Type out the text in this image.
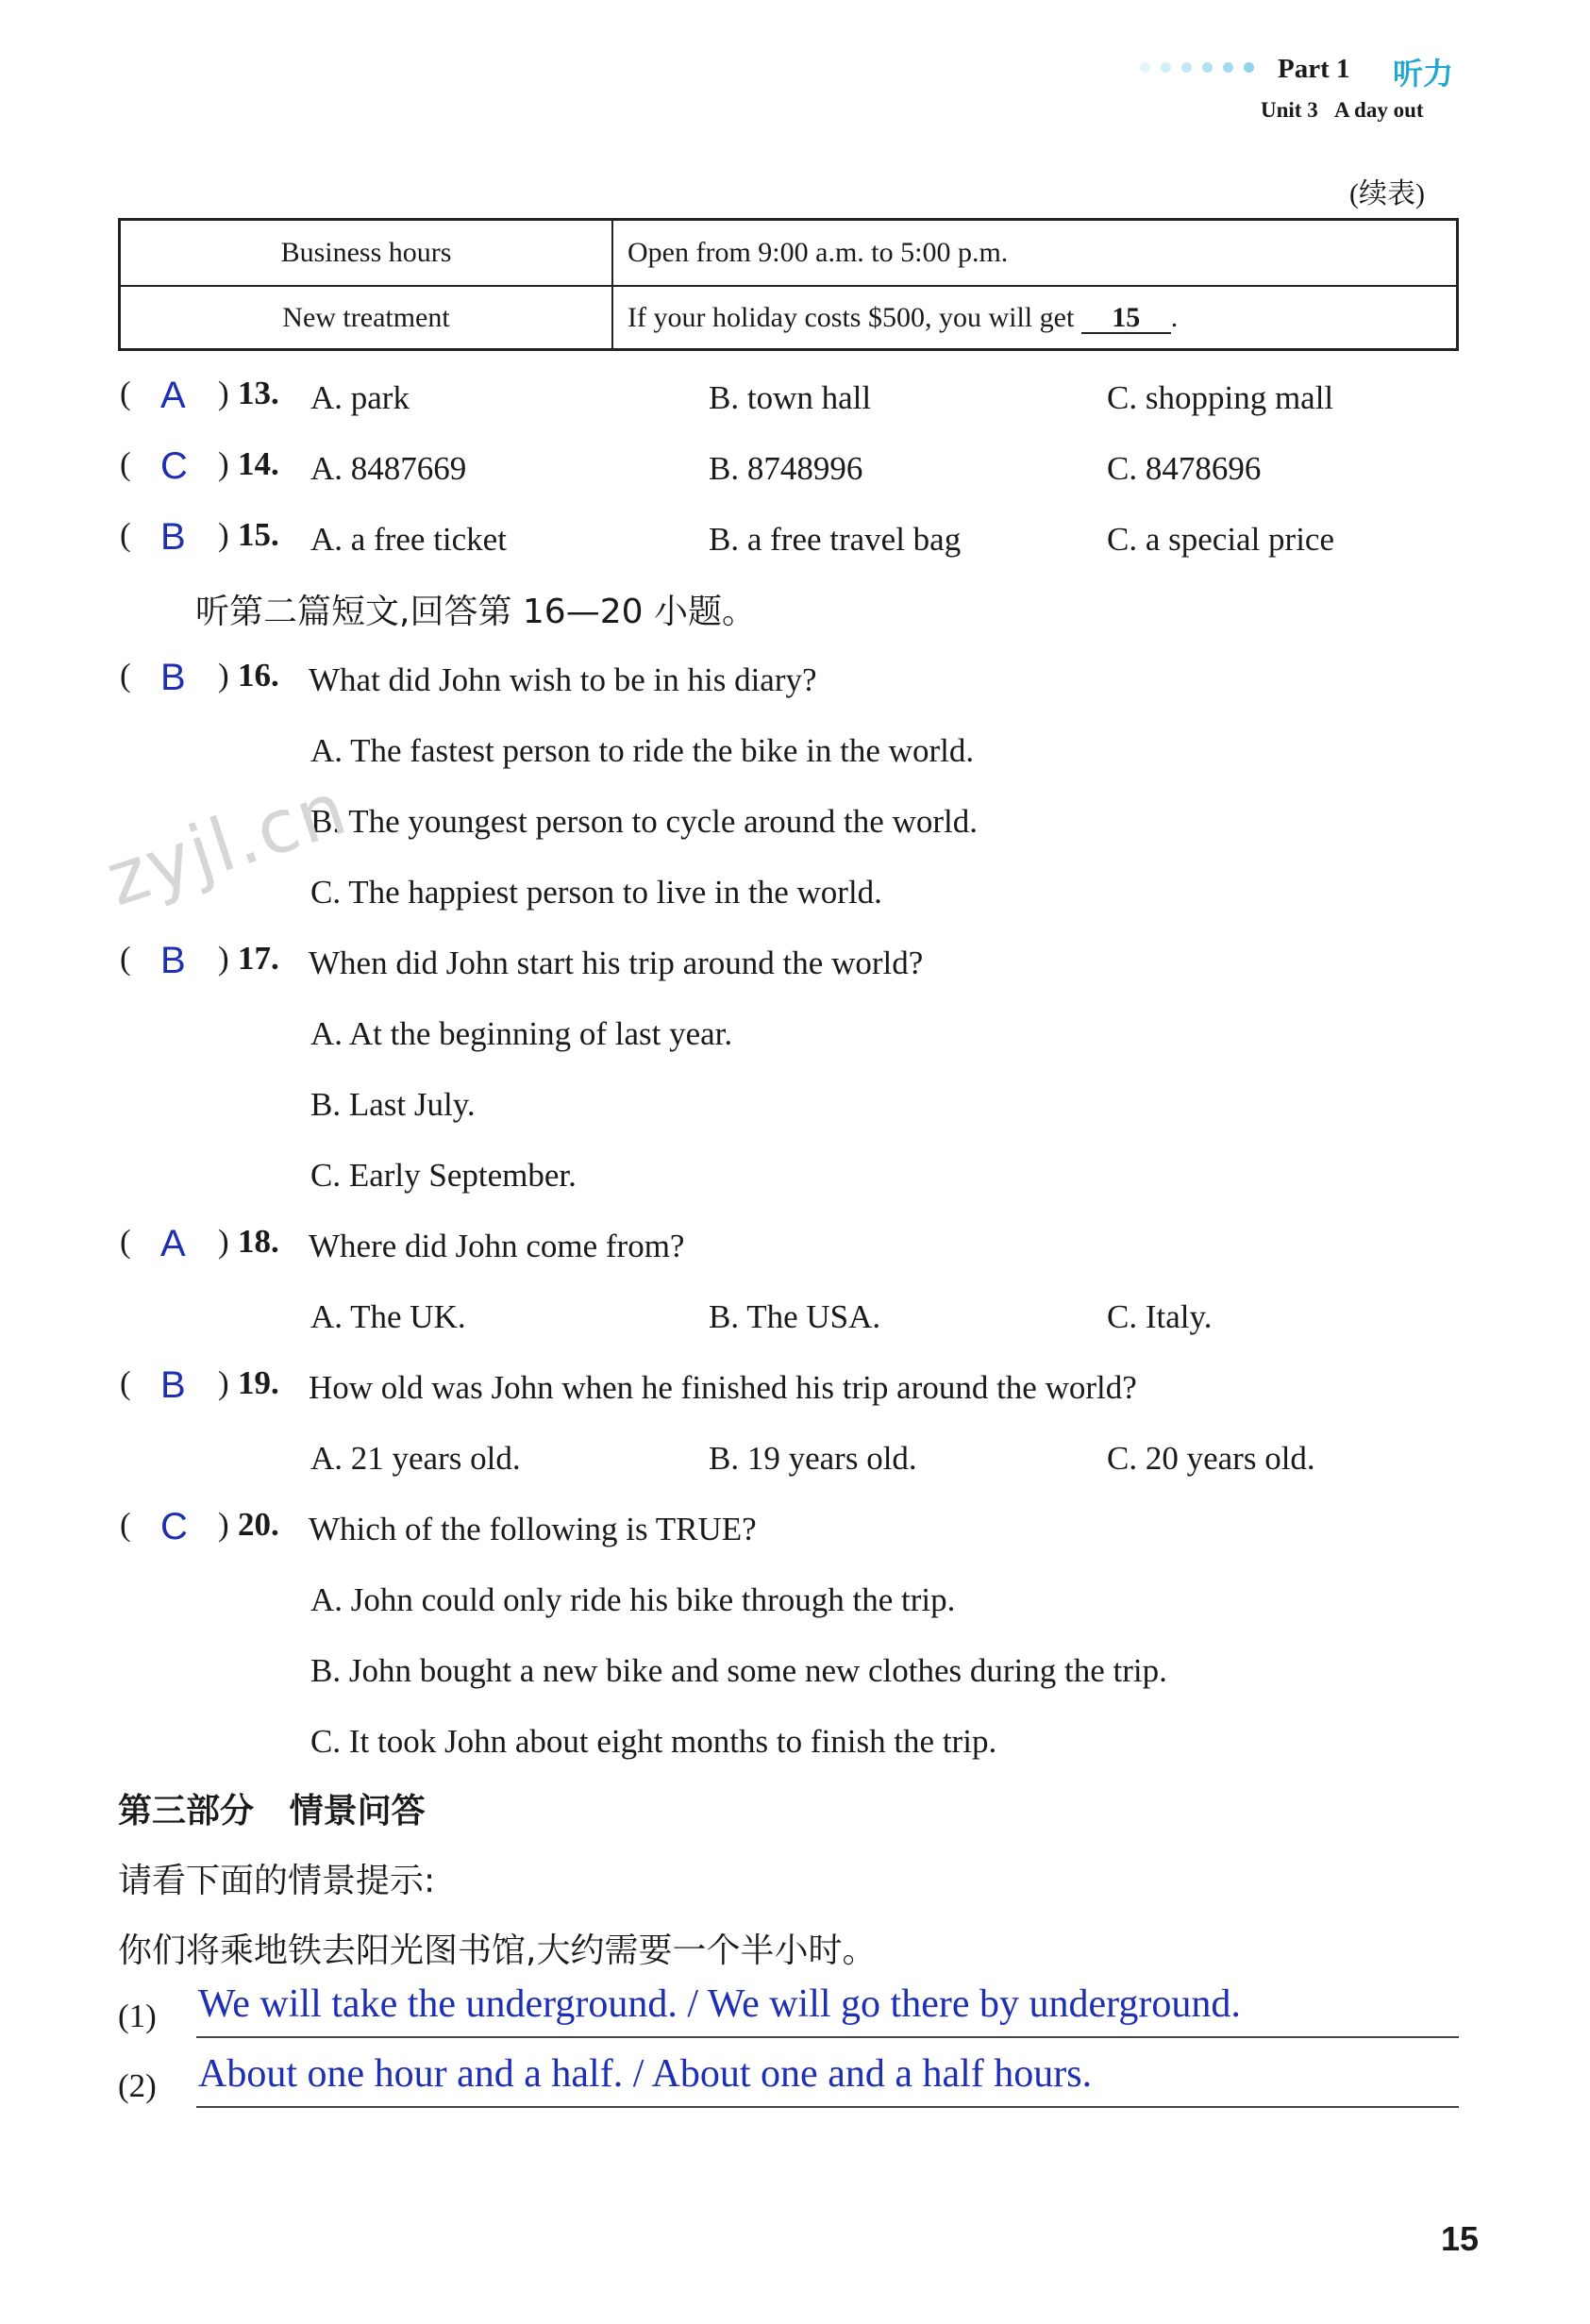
Part 1 听力
Unit 3 A day out
(续表)
Business hours	Open from 9:00 a.m. to 5:00 p.m.
New treatment	If your holiday costs $500, you will get 15 .
( A ) 13. A. park	B. town hall	C. shopping mall
( C ) 14. A. 8487669	B. 8748996	C. 8478696
( B ) 15. A. a free ticket	B. a free travel bag	C. a special price
听第二篇短文,回答第 16—20 小题。
( B ) 16. What did John wish to be in his diary?
A. The fastest person to ride the bike in the world.
B. The youngest person to cycle around the world.
C. The happiest person to live in the world.
zyjl.cn
( B ) 17. When did John start his trip around the world?
A. At the beginning of last year.
B. Last July.
C. Early September.
( A ) 18. Where did John come from?
A. The UK.	B. The USA.	C. Italy.
( B ) 19. How old was John when he finished his trip around the world?
A. 21 years old.	B. 19 years old.	C. 20 years old.
( C ) 20. Which of the following is TRUE?
A. John could only ride his bike through the trip.
B. John bought a new bike and some new clothes during the trip.
C. It took John about eight months to finish the trip.
第三部分   情景问答
请看下面的情景提示:
你们将乘地铁去阳光图书馆,大约需要一个半小时。
(1) We will take the underground. / We will go there by underground.
(2) About one hour and a half. / About one and a half hours.
15
